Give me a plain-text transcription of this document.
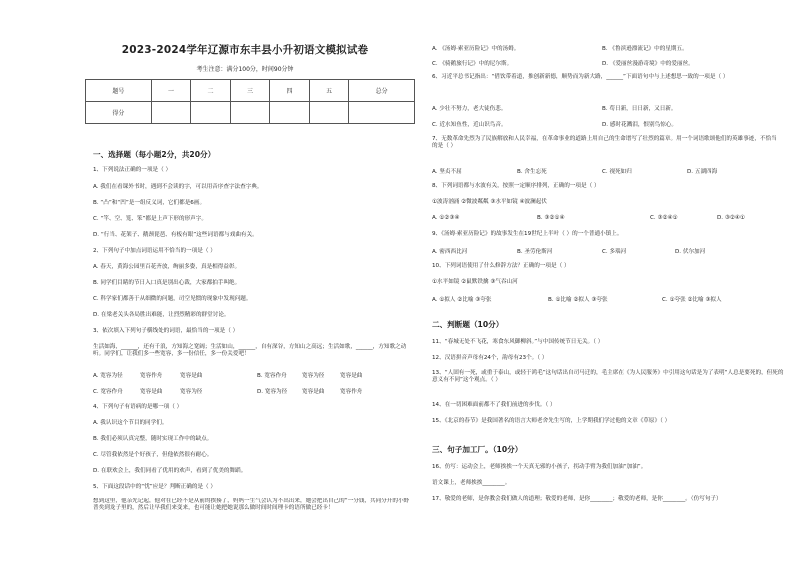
2023-2024学年辽源市东丰县小升初语文模拟试卷
考生注意：满分100分，时间90分钟
题号	一	二	三	四	五	总分
得分						
一、选择题（每小题2分，共20分）
1、下列说法正确的一项是（ ）
A. 我们在看课外书时，遇到不会读的字，可以用音序查字法查字典。
B. “凸”和“凹”是一组反义词，它们都是6画。
C. “竿、空、笼、笨”都是上声下形的形声字。
D. “行当、花架子、鹅颈琵琶、有板有眼”这些词语都与戏曲有关。
2、下列句子中加点词语运用不恰当的一项是（ ）
A. 春天，黄海公园里百花齐放，绚丽多姿，真是相得益彰。
B. 同学们目睹的节日入口真是别出心裁，大家都拍手叫绝。
C. 科学家们都善于从细微的问题，司空见惯的现象中发现问题。
D. 在梁老关头各局胜出难能，让烈烈精彩的群堂讨论。
3、依次填入下列句子横线处的词语，最恰当的一项是（ ）
生活如海，______，还有千浪，方知海之宽阔；生活如山，______，自有深谷，方知山之高远；生活如歌，______，方知歌之动听。同学们，让我们多一些宽容，多一份信任，多一份关爱吧！
A. 宽容为径	宽容作舟	宽容是曲	B. 宽容作舟	宽容为径	宽容是曲
C. 宽容作舟	宽容是曲	宽容为径	D. 宽容为径	宽容是曲	宽容作舟
4、下列句子有语病的是哪一项（ ）
A. 我认识这个节目的同学们。
B. 我们必须认真完整，随时实现工作中的缺点。
C. 尽管我依然是个好孩子，但他依然很有耐心。
D. 在联欢会上，我们同看了优用的欢声，看到了优美的舞蹈。
5、下面这段话中的“忧”应是？判断正确的是（ ）
想到这里，他亲先记起，他对在已经不是从前的挨揍了，妈妈一生气会认为不出出来，她会把出自己的“一分钱，共同分开的小野普矣到龙子里的，然后让早我们来变来，也可能让她把她说那么做时间时间理卡的语所做已经卡！
A. 《汤姆·索亚历险记》中的汤姆。	B. 《鲁滨逊漂流记》中的星期五。
C. 《骑鹅旅行记》中的尼尔斯。	D. 《爱丽丝漫游奇境》中的爱丽丝。
6、习近平总书记指出：“借饮带着道，推创新新德，顺势而为新大路，______”下面语句中与上述想思一致的一项是（ ）
A. 少壮不努力，老大徒伤悲。	B. 苟日新，日日新，又日新。
C. 近水知鱼性，近山识鸟音。	D. 感时花溅泪，恨别鸟惊心。
7、无数革命先烈为了民族解放和人民幸福，在革命事业的道路上用自己的生命谱写了壮烈的篇章。用一个词语歌颂他们的英雄事迹，不恰当的是（ ）
A. 坚贞不屈	B. 舍生忘死	C. 视死如归	D. 五湖四海
8、下列词语都与水波有关，按照一定顺序排列，正确的一项是（ ）
①波涛汹涌 ②微波粼粼 ③水平如镜 ④波澜起伏
A. ①②③④	B. ③②①④	C. ③②④①	D. ③②④①
9、《汤姆·索亚历险记》的故事发生在19世纪上半叶（ ）的一个普通小镇上。
A. 密西西比河	B. 圣劳伦斯河	C. 多瑙河	D. 伏尔加河
10、下列词语使用了什么修辞方法？正确的一项是（ ）
①水平如镜 ②鼠默铁擒 ③气吞山河
A. ①拟人 ②比喻 ③夸张	B. ①比喻 ②拟人 ③夸张	C. ①夸张 ②比喻 ③拟人
二、判断题（10分）
11、“春城无处不飞花，寒食东风御柳斜。”与中国传统节日无关。（ ）
12、汉语拼音声母有24个，韵母有23个。（ ）
13、“人固有一死，或重于泰山，或轻于鸿毛”这句话出自司马迁的，毛主席在《为人民服务》中引用这句话是为了表明“人总是要死的，但死的意义有不同”这个观点。（ ）
14、在一切困难面前都不了我们前进的步伐。（ ）
15、《北京的春节》是我国著名的语言大师老舍先生写的，上学期我们学过他的文章《草原》（ ）
三、句子加工厂。（10分）
16、仿写：运动会上，老师挨挨一个天真无邪的小孩子，拐动手臂为我们加油“加油”。
语文课上，老师挨挨________。
17、敬爱的老师，是你教会我们做人的道理；敬爱的老师，是你________；敬爱的老师，是你________。（仿写句子）
